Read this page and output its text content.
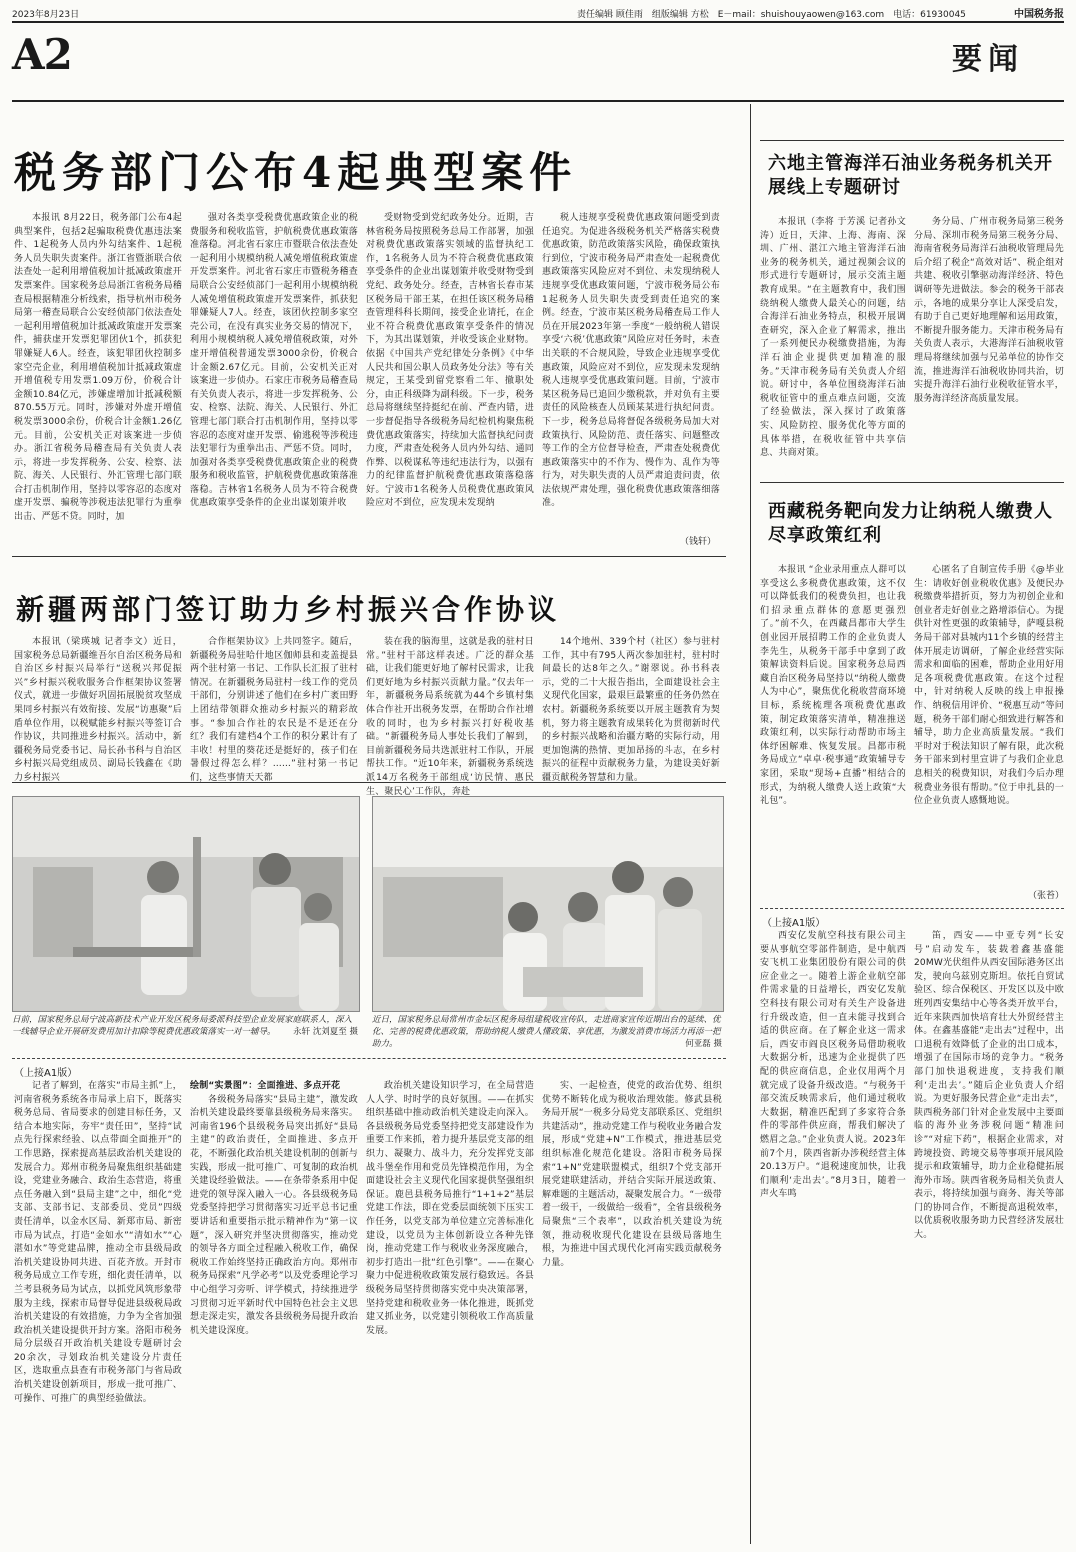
2023年8月23日	责任编辑 顾佳雨　组版编辑 方松　E－mail：shuishouyaowen@163.com　电话：61930045	中国税务报
A2	要闻
税务部门公布4起典型案件

本报讯 8月22日，税务部门公布4起典型案件，包括2起骗取税费优惠违法案件、1起税务人员内外勾结案件、1起税务人员失职失责案件。浙江省暨浙联合依法查处一起利用增值税加计抵减政策虚开发票案件。国家税务总局浙江省税务局稽查局根据精准分析线索，指导杭州市税务局第一稽查局联合公安经侦部门依法查处一起利用增值税加计抵减政策虚开发票案件，捕获虚开发票犯罪团伙1个，抓获犯罪嫌疑人6人。经查，该犯罪团伙控制多家空壳企业，利用增值税加计抵减政策虚开增值税专用发票1.09万份，价税合计金额10.84亿元，涉嫌虚增加计抵减税额870.55万元。同时，涉嫌对外虚开增值税发票3000余份，价税合计金额1.26亿元。目前，公安机关正对该案进一步侦办。浙江省税务局稽查局有关负责人表示，将进一步发挥税务、公安、检察、法院、海关、人民银行、外汇管理七部门联合打击机制作用，坚持以零容忍的态度对虚开发票、骗税等涉税违法犯罪行为重拳出击、严惩不贷。同时，加

强对各类享受税费优惠政策企业的税费服务和税收监管，护航税费优惠政策落准落稳。河北省石家庄市暨联合依法查处一起利用小规模纳税人减免增值税政策虚开发票案件。河北省石家庄市暨税务稽查局联合公安经侦部门一起利用小规模纳税人减免增值税政策虚开发票案件，抓获犯罪嫌疑人7人。经查，该团伙控制多家空壳公司，在没有真实业务交易的情况下，利用小规模纳税人减免增值税政策，对外虚开增值税普通发票3000余份，价税合计金额2.67亿元。目前，公安机关正对该案进一步侦办。石家庄市税务局稽查局有关负责人表示，将进一步发挥税务、公安、检察、法院、海关、人民银行、外汇管理七部门联合打击机制作用，坚持以零容忍的态度对虚开发票、偷逃税等涉税违法犯罪行为重拳出击、严惩不贷。同时，加强对各类享受税费优惠政策企业的税费服务和税收监管，护航税费优惠政策落准落稳。吉林省1名税务人员为不符合税费优惠政策享受条件的企业出谋划策并收

受财物受到党纪政务处分。近期，吉林省税务局按照税务总局工作部署，加强对税费优惠政策落实领域的监督执纪工作，1名税务人员为不符合税费优惠政策享受条件的企业出谋划策并收受财物受到党纪、政务处分。经查，吉林省长春市某区税务局干部王某，在担任该区税务局稽查管理科科长期间，接受企业请托，在企业不符合税费优惠政策享受条件的情况下，为其出谋划策，并收受该企业财物。依据《中国共产党纪律处分条例》《中华人民共和国公职人员政务处分法》等有关规定，王某受到留党察看二年、撤职处分，由正科级降为副科级。下一步，税务总局将继续坚持挺纪在前、严查内错，进一步督促指导各级税务局纪检机构聚焦税费优惠政策落实，持续加大监督执纪问责力度，严肃查处税务人员内外勾结、通同作弊、以税谋私等违纪违法行为，以强有力的纪律监督护航税费优惠政策落稳落好。宁波市1名税务人员税费优惠政策风险应对不到位，应发现未发现纳

税人违规享受税费优惠政策问题受到责任追究。为促进各级税务机关严格落实税费优惠政策，防范政策落实风险，确保政策执行到位，宁波市税务局严肃查处一起税费优惠政策落实风险应对不到位、未发现纳税人违规享受优惠政策问题，宁波市税务局公布1起税务人员失职失责受到责任追究的案例。经查，宁波市某区税务局稽查局工作人员在开展2023年第一季度“一般纳税人错误享受‘六税’优惠政策”风险应对任务时，未查出关联的不合规风险，导致企业违规享受优惠政策，风险应对不到位，应发现未发现纳税人违规享受优惠政策问题。目前，宁波市某区税务局已追回少缴税款，并对负有主要责任的风险核查人员顾某某进行执纪问责。下一步，税务总局将督促各级税务局加大对政策执行、风险防范、责任落实、问题整改等工作的全方位督导检查，严肃查处税费优惠政策落实中的不作为、慢作为、乱作为等行为，对失职失责的人员严肃追责问责，依法依规严肃处理，强化税费优惠政策落细落准。

（钱轩）
新疆两部门签订助力乡村振兴合作协议

本报讯（梁瑛城 记者李文）近日，国家税务总局新疆维吾尔自治区税务局和自治区乡村振兴局举行“送税兴邦促振兴”乡村振兴税收服务合作框架协议签署仪式，就进一步做好巩固拓展脱贫攻坚成果同乡村振兴有效衔接、发展“访惠聚”后盾单位作用，以税赋能乡村振兴等签订合作协议，共同推进乡村振兴。活动中，新疆税务局党委书记、局长孙书科与自治区乡村振兴局党组成员、副局长钱鑫在《助力乡村振兴

合作框架协议》上共同签字。随后，新疆税务局驻哈什地区伽师县和麦盖提县两个驻村第一书记、工作队长汇报了驻村情况。在新疆税务局驻村一线工作的党员干部们，分别讲述了他们在乡村广袤田野上团结带领群众推动乡村振兴的精彩故事。“参加合作社的农民是不是还在分红？我们有建档4个工作的积分累计有了丰收！村里的葵花还是挺好的，孩子们在暑假过得怎么样？……”驻村第一书记们，这些事情天天都

装在我的脑海里，这就是我的驻村日常。”驻村干部这样表述。广泛的群众基础，让我们能更好地了解村民需求，让我们更好地为乡村振兴贡献力量。”仅去年一年，新疆税务局系统就为44个乡镇村集体合作社开出税务发票，在帮助合作社增收的同时，也为乡村振兴打好税收基础。“新疆税务局人事处长我们了解到，目前新疆税务局共选派驻村工作队，开展帮扶工作。“近10年来，新疆税务系统选派14万名税务干部组成‘访民情、惠民生、聚民心’工作队，奔赴

14个地州、339个村（社区）参与驻村工作，其中有795人两次参加驻村，驻村时间最长的达8年之久。”谢翠说。孙书科表示，党的二十大报告指出，全面建设社会主义现代化国家，最艰巨最繁重的任务仍然在农村。新疆税务系统要以开展主题教育为契机，努力将主题教育成果转化为贯彻新时代的乡村振兴战略和治疆方略的实际行动，用更加饱满的热情、更加昂扬的斗志，在乡村振兴的征程中贡献税务力量，为建设美好新疆贡献税务智慧和力量。

日前，国家税务总局宁波高新技术产业开发区税务局委派科技型企业发展家庭联系人，深入一线辅导企业开展研发费用加计扣除等税费优惠政策落实一对一辅导。 永轩 沈刘夏至 摄
近日，国家税务总局常州市金坛区税务局组建税收宣传队，走进商家宣传近期出台的延续、优化、完善的税费优惠政策，帮助纳税人缴费人懂政策、享优惠，为激发消费市场活力再添一把助力。	何亚磊 摄
（上接A1版）

记者了解到，在落实“市局主抓”上，河南省税务系统各市局承上启下，既落实税务总局、省局要求的创建目标任务，又结合本地实际，夯牢“责任田”，坚持“试点先行探索经验、以点带面全面推开”的工作思路，探索提高基层政治机关建设的发展合力。郑州市税务局聚焦组织基础建设，党建业务融合、政治生态营造，将重点任务融入到“县局主建”之中，细化“党支部、支部书记、支部委员、党员”四级责任清单，以金水区局、新郑市局、新密市局为试点，打造“金如水”“清如水”“心湛如水”等党建品牌，推动全市县级局政治机关建设协同共进、百花齐放。开封市税务局成立工作专班，细化责任清单，以兰考县税务局为试点，以抓党风筑形象带服为主线，探索市局督导促进县级税局政治机关建设的有效措施，力争为全省加强政治机关建设提供开封方案。洛阳市税务局分层级召开政治机关建设专题研讨会20余次，寻划政治机关建设分片责任区，选取重点县查有市税务部门与省局政治机关建设创新项目，形成一批可推广、可操作、可推广的典型经验做法。

绘制“实景图”：全面推进、多点开花

各级税务局落实“县局主建”，激发政治机关建设最终要靠县级税务局来落实。河南省196个县级税务局突出抓好“县局主建”的政治责任，全面推进、多点开花，不断强化政治机关建设机制的创新与实践，形成一批可推广、可复制的政治机关建设经验做法。——在条带条系用中促进党的领导深入融入一心。各县级税务局党委坚持把学习贯彻落实习近平总书记重要讲话和重要指示批示精神作为“第一议题”，深入研究并坚决贯彻落实，推动党的领导各方面全过程融入税收工作，确保税收工作始终坚持正确政治方向。郑州市税务局探索“凡学必考”以及党委理论学习中心组学习旁听、评学模式，持续推进学习贯彻习近平新时代中国特色社会主义思想走深走实，激发各县级税务局提升政治机关建设深度。

政治机关建设知识学习，在全局营造人人学、时时学的良好氛围。——在抓实组织基础中推动政治机关建设走向深入。各县级税务局党委坚持把党支部建设作为重要工作来抓，着力提升基层党支部的组织力、凝聚力、战斗力，充分发挥党支部战斗堡垒作用和党员先锋模范作用，为全面建设社会主义现代化国家提供坚强组织保证。鹿邑县税务局推行“1+1+2”基层党建工作法，即在党委层面统领下压实工作任务，以党支部为单位建立完善标准化建设，以党员为主体创新设立各种先锋岗，推动党建工作与税收业务深度融合，初步打造出一批“红色引擎”。——在聚心聚力中促进税收政策发展行稳致远。各县级税务局坚持贯彻落实党中央决策部署，坚持党建和税收业务一体化推进，既抓党建又抓业务，以党建引领税收工作高质量发展。

实、一起检查，使党的政治优势、组织优势不断转化成为税收治理效能。修武县税务局开展“一税多分局党支部联系区、党组织共建活动”，推动党建工作与税收业务融合发展，形成“党建+N”工作模式，推进基层党组织标准化规范化建设。洛阳市税务局探索“1+N”党建联盟模式，组织7个党支部开展党建联建活动，并结合实际开展送政策、解难题的主题活动，凝聚发展合力。“一级带着一级干，一级做给一级看”，全省县级税务局聚焦“三个表率”，以政治机关建设为统领，推动税收现代化建设在县级局落地生根，为推进中国式现代化河南实践贡献税务力量。

六地主管海洋石油业务税务机关开展线上专题研讨

本报讯（李将 于芳溪 记者孙文涛）近日，天津、上海、海南、深圳、广州、湛江六地主管海洋石油业务的税务机关，通过视频会议的形式进行专题研讨，展示交流主题教育成果。“在主题教育中，我们围绕纳税人缴费人最关心的问题，结合海洋石油业务特点，积极开展调查研究，深入企业了解需求，推出了一系列便民办税缴费措施，为海洋石油企业提供更加精准的服务。”天津市税务局有关负责人介绍说。研讨中，各单位围绕海洋石油税收征管中的重点难点问题，交流了经验做法，深入探讨了政策落实、风险防控、服务优化等方面的具体举措，在税收征管中共享信息、共商对策。

务分局、广州市税务局第三税务分局、深圳市税务局第三税务分局、海南省税务局海洋石油税收管理局先后介绍了税企“高效对话”、税企组对共建、税收引擎驱动海洋经济、特色调研等先进做法。参会的税务干部表示，各地的成果分享让人深受启发，有助于自己更好地理解和运用政策，不断提升服务能力。天津市税务局有关负责人表示，大港海洋石油税收管理局将继续加强与兄弟单位的协作交流，推进海洋石油税收协同共治，切实提升海洋石油行业税收征管水平，服务海洋经济高质量发展。

西藏税务靶向发力让纳税人缴费人尽享政策红利

本报讯 “企业录用重点人群可以享受这么多税费优惠政策，这不仅可以降低我们的税费负担，也让我们招录重点群体的意愿更强烈了。”前不久，在西藏昌都市大学生创业园开展招聘工作的企业负责人李先生，从税务干部手中拿到了政策解读资料后说。国家税务总局西藏自治区税务局坚持以“纳税人缴费人为中心”，聚焦优化税收营商环境目标，系统梳理各项税费优惠政策，制定政策落实清单，精准推送政策红利，以实际行动帮助市场主体纾困解难、恢复发展。昌都市税务局成立“卓卓·税事通”政策辅导专家团，采取“现场+直播”相结合的形式，为纳税人缴费人送上政策“大礼包”。

心匿名了自制宣传手册《@毕业生：请收好创业税收优惠》及便民办税缴费举措折页，努力为初创企业和创业者走好创业之路增添信心。为提供针对性更强的政策辅导，萨嘎县税务局干部对县城内11个乡镇的经营主体开展走访调研，了解企业经营实际需求和面临的困难，帮助企业用好用足各项税费优惠政策。在这个过程中，针对纳税人反映的线上申报操作、纳税信用评价、“税惠互动”等问题，税务干部们耐心细致进行解答和辅导，助力企业高质量发展。“我们平时对于税法知识了解有限，此次税务干部来到村里宣讲了与我们企业息息相关的税费知识，对我们今后办理税费业务很有帮助。”位于申扎县的一位企业负责人感慨地说。

（张苔）
（上接A1版）

西安亿发航空科技有限公司主要从事航空零部件制造，是中航西安飞机工业集团股份有限公司的供应企业之一。随着上游企业航空部件需求量的日益增长，西安亿发航空科技有限公司对有关生产设备进行升级改造，但一直未能寻找到合适的供应商。在了解企业这一需求后，西安市阎良区税务局借助税收大数据分析，迅速为企业提供了匹配的供应商信息，企业仅用两个月就完成了设备升级改造。“与税务干部交流反映需求后，他们通过税收大数据，精准匹配到了多家符合条件的零部件供应商，帮我们解决了燃眉之急。”企业负责人说。2023年前7个月，陕西省新办涉税经营主体20.13万户。“退税速度加快，让我们顺利‘走出去’。”8月3日，随着一声火车鸣

笛，西安——中亚专列“长安号”启动发车，装载着鑫基盛能20MW光伏组件从西安国际港务区出发，驶向乌兹别克斯坦。依托自贸试验区、综合保税区、开发区以及中欧班列西安集结中心等各类开放平台，近年来陕西加快培育壮大外贸经营主体。在鑫基盛能“走出去”过程中，出口退税有效降低了企业的出口成本，增强了在国际市场的竞争力。“税务部门加快退税进度，支持我们顺利‘走出去’。”随后企业负责人介绍说。为更好服务民营企业“走出去”，陕西税务部门针对企业发展中主要面临的海外业务涉税问题“精准问诊”“对症下药”，根据企业需求，对跨境投资、跨境交易等事项开展风险提示和政策辅导，助力企业稳健拓展海外市场。陕西省税务局相关负责人表示，将持续加强与商务、海关等部门的协同合作，不断提高退税效率，以优质税收服务助力民营经济发展壮大。
